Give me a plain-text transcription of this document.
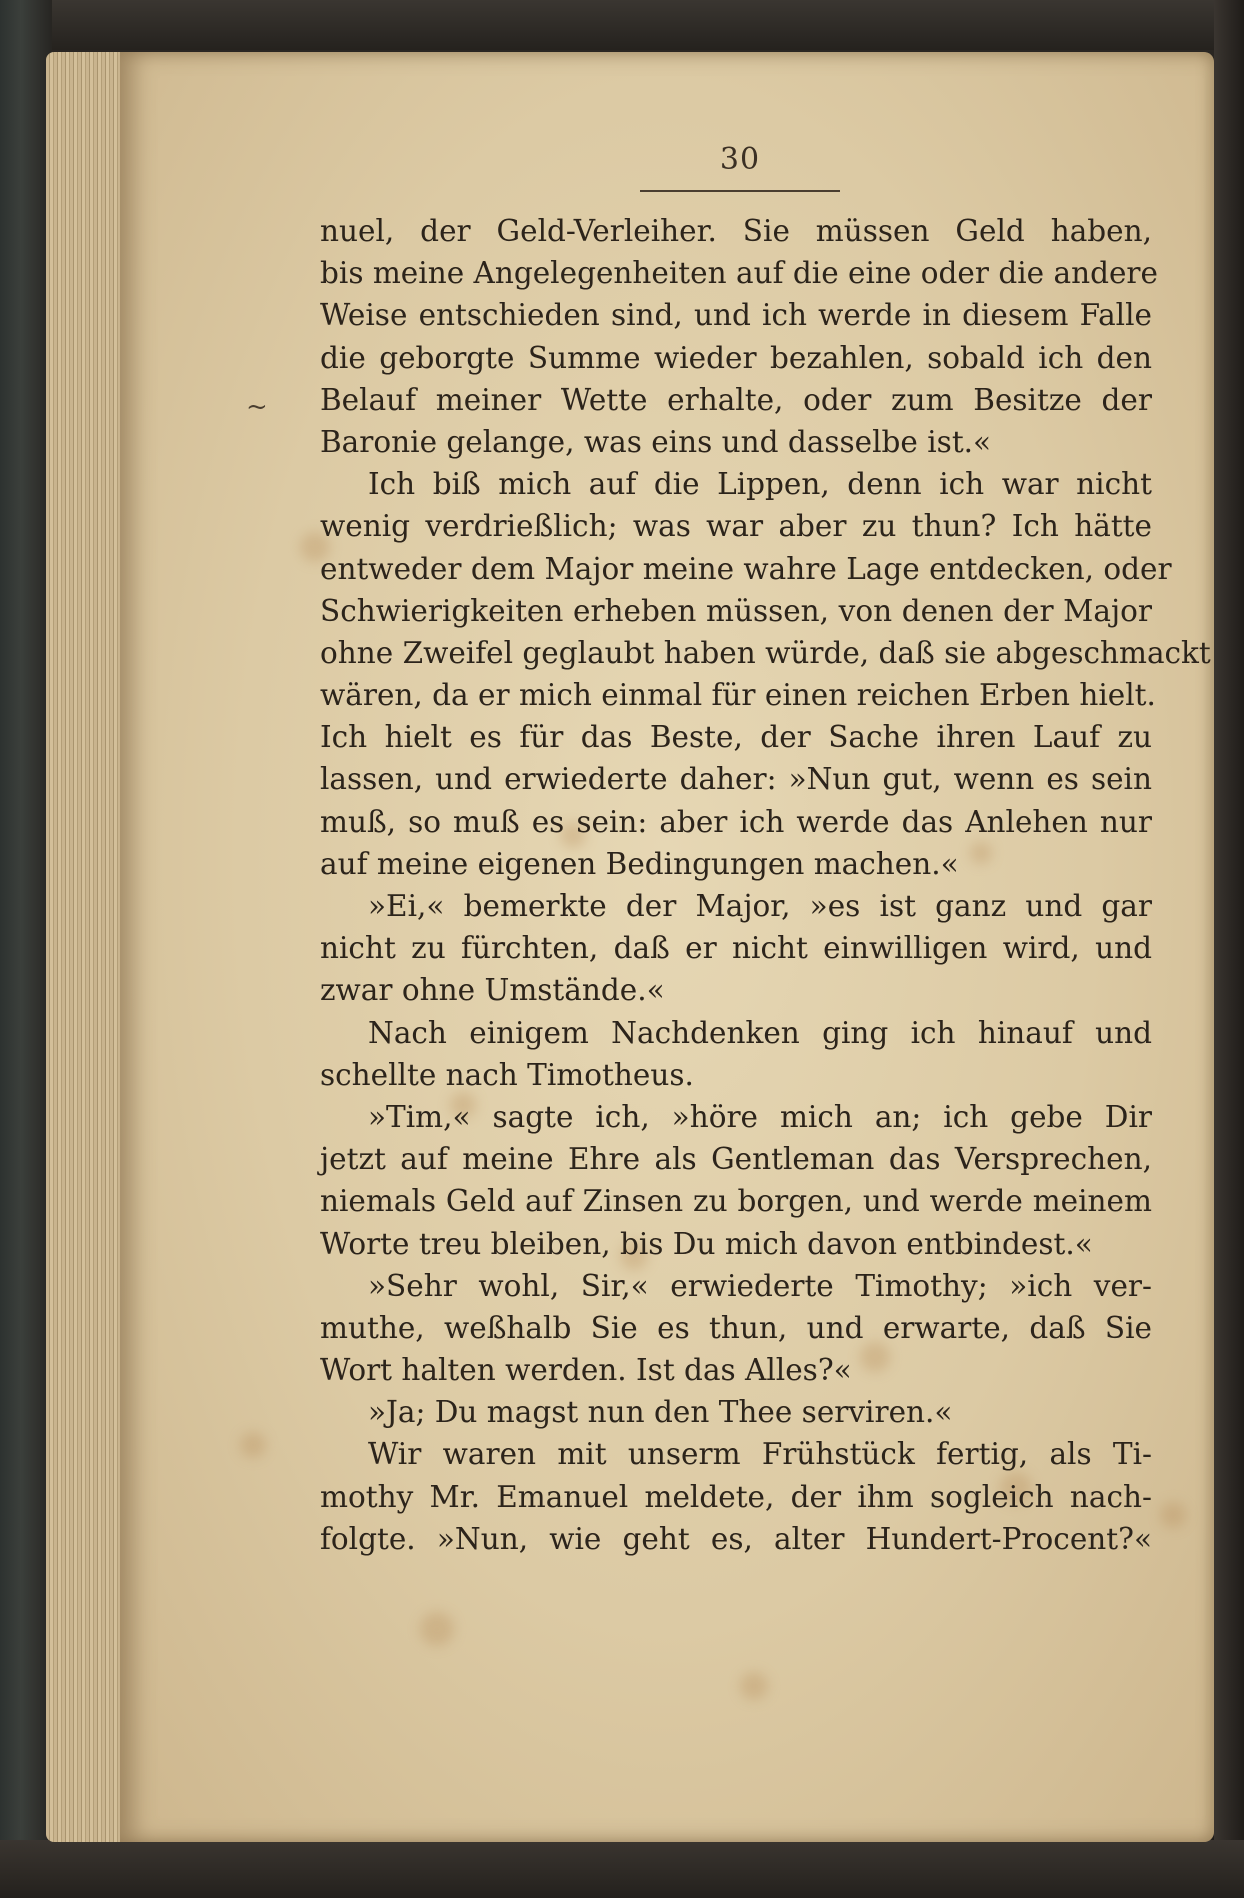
~
30
nuel, der Geld-Verleiher. Sie müssen Geld haben,
bis meine Angelegenheiten auf die eine oder die andere
Weise entschieden sind, und ich werde in diesem Falle
die geborgte Summe wieder bezahlen, sobald ich den
Belauf meiner Wette erhalte, oder zum Besitze der
Baronie gelange, was eins und dasselbe ist.«
Ich biß mich auf die Lippen, denn ich war nicht
wenig verdrießlich; was war aber zu thun? Ich hätte
entweder dem Major meine wahre Lage entdecken, oder
Schwierigkeiten erheben müssen, von denen der Major
ohne Zweifel geglaubt haben würde, daß sie abgeschmackt
wären, da er mich einmal für einen reichen Erben hielt.
Ich hielt es für das Beste, der Sache ihren Lauf zu
lassen, und erwiederte daher: »Nun gut, wenn es sein
muß, so muß es sein: aber ich werde das Anlehen nur
auf meine eigenen Bedingungen machen.«
»Ei,« bemerkte der Major, »es ist ganz und gar
nicht zu fürchten, daß er nicht einwilligen wird, und
zwar ohne Umstände.«
Nach einigem Nachdenken ging ich hinauf und
schellte nach Timotheus.
»Tim,« sagte ich, »höre mich an; ich gebe Dir
jetzt auf meine Ehre als Gentleman das Versprechen,
niemals Geld auf Zinsen zu borgen, und werde meinem
Worte treu bleiben, bis Du mich davon entbindest.«
»Sehr wohl, Sir,« erwiederte Timothy; »ich ver-
muthe, weßhalb Sie es thun, und erwarte, daß Sie
Wort halten werden. Ist das Alles?«
»Ja; Du magst nun den Thee serviren.«
Wir waren mit unserm Frühstück fertig, als Ti-
mothy Mr. Emanuel meldete, der ihm sogleich nach-
folgte. »Nun, wie geht es, alter Hundert-Procent?«
